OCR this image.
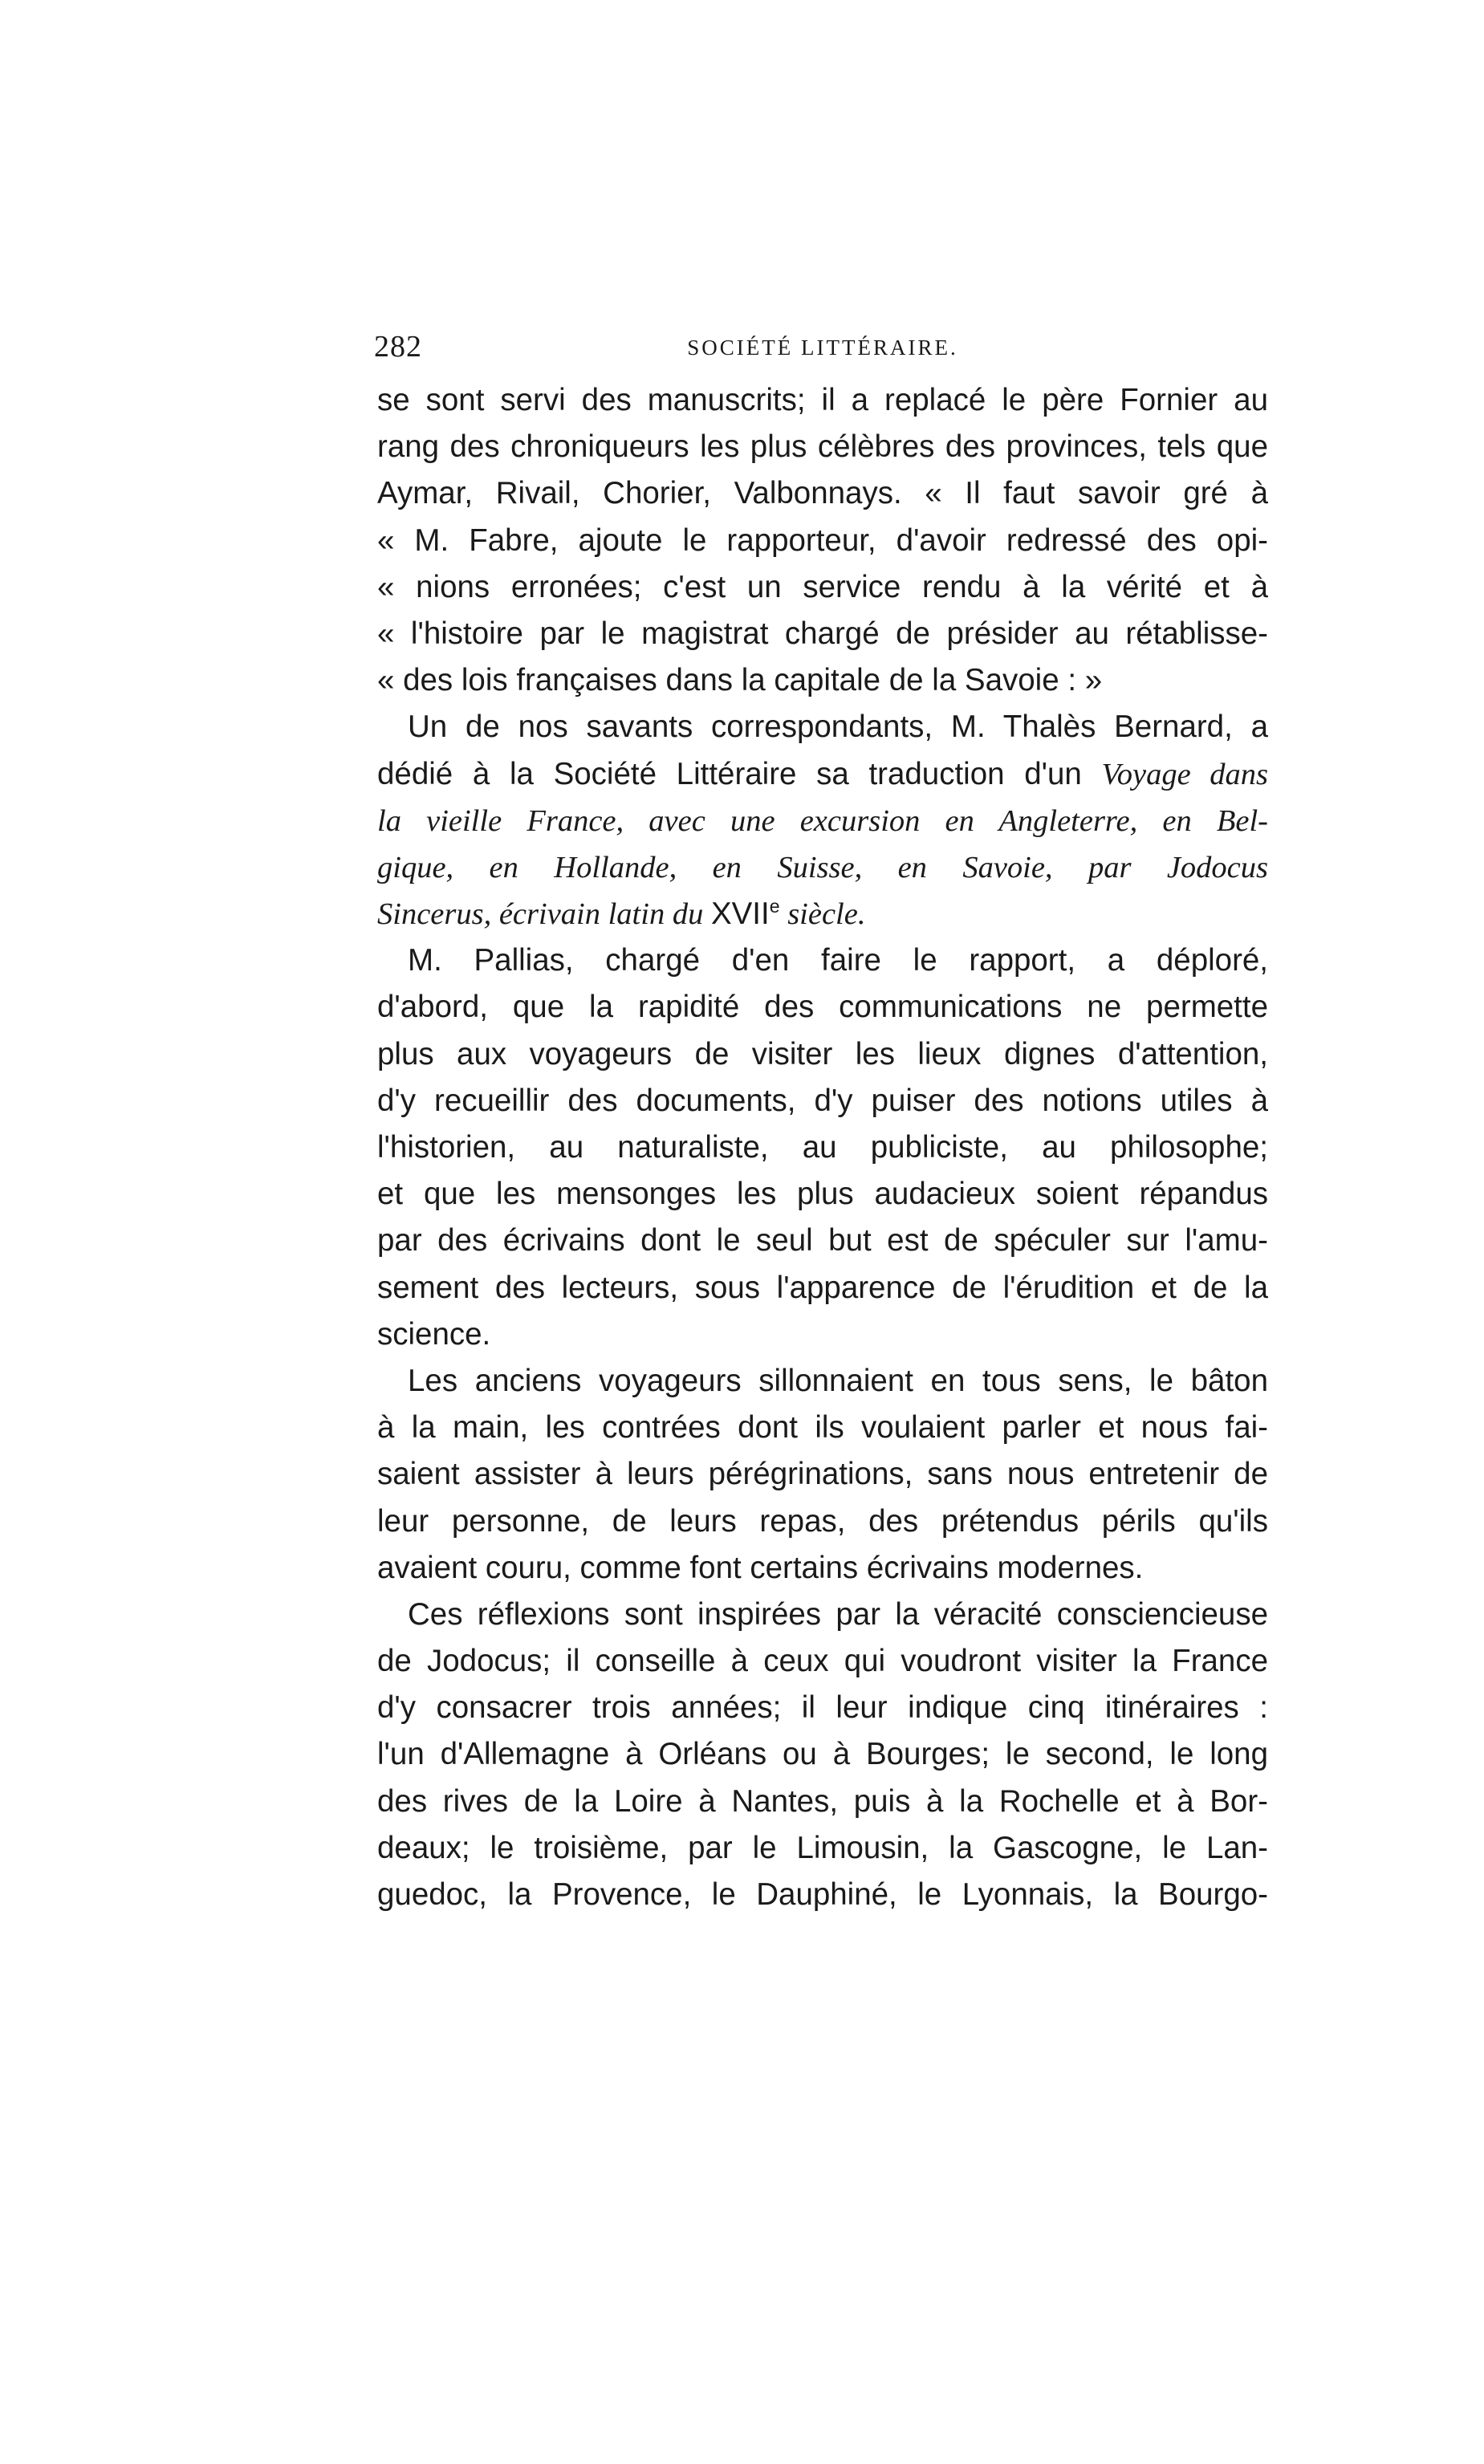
282	SOCIÉTÉ LITTÉRAIRE.
se sont servi des manuscrits; il a replacé le père Fornier au
rang des chroniqueurs les plus célèbres des provinces, tels que
Aymar, Rivail, Chorier, Valbonnays. « Il faut savoir gré à
« M. Fabre, ajoute le rapporteur, d'avoir redressé des opi-
« nions erronées; c'est un service rendu à la vérité et à
« l'histoire par le magistrat chargé de présider au rétablisse-
« des lois françaises dans la capitale de la Savoie : »
Un de nos savants correspondants, M. Thalès Bernard, a
dédié à la Société Littéraire sa traduction d'un Voyage dans
la vieille France, avec une excursion en Angleterre, en Bel-
gique, en Hollande, en Suisse, en Savoie, par Jodocus
Sincerus, écrivain latin du XVIIe siècle.
M. Pallias, chargé d'en faire le rapport, a déploré,
d'abord, que la rapidité des communications ne permette
plus aux voyageurs de visiter les lieux dignes d'attention,
d'y recueillir des documents, d'y puiser des notions utiles à
l'historien, au naturaliste, au publiciste, au philosophe;
et que les mensonges les plus audacieux soient répandus
par des écrivains dont le seul but est de spéculer sur l'amu-
sement des lecteurs, sous l'apparence de l'érudition et de la
science.
Les anciens voyageurs sillonnaient en tous sens, le bâton
à la main, les contrées dont ils voulaient parler et nous fai-
saient assister à leurs pérégrinations, sans nous entretenir de
leur personne, de leurs repas, des prétendus périls qu'ils
avaient couru, comme font certains écrivains modernes.
Ces réflexions sont inspirées par la véracité consciencieuse
de Jodocus; il conseille à ceux qui voudront visiter la France
d'y consacrer trois années; il leur indique cinq itinéraires :
l'un d'Allemagne à Orléans ou à Bourges; le second, le long
des rives de la Loire à Nantes, puis à la Rochelle et à Bor-
deaux; le troisième, par le Limousin, la Gascogne, le Lan-
guedoc, la Provence, le Dauphiné, le Lyonnais, la Bourgo-
